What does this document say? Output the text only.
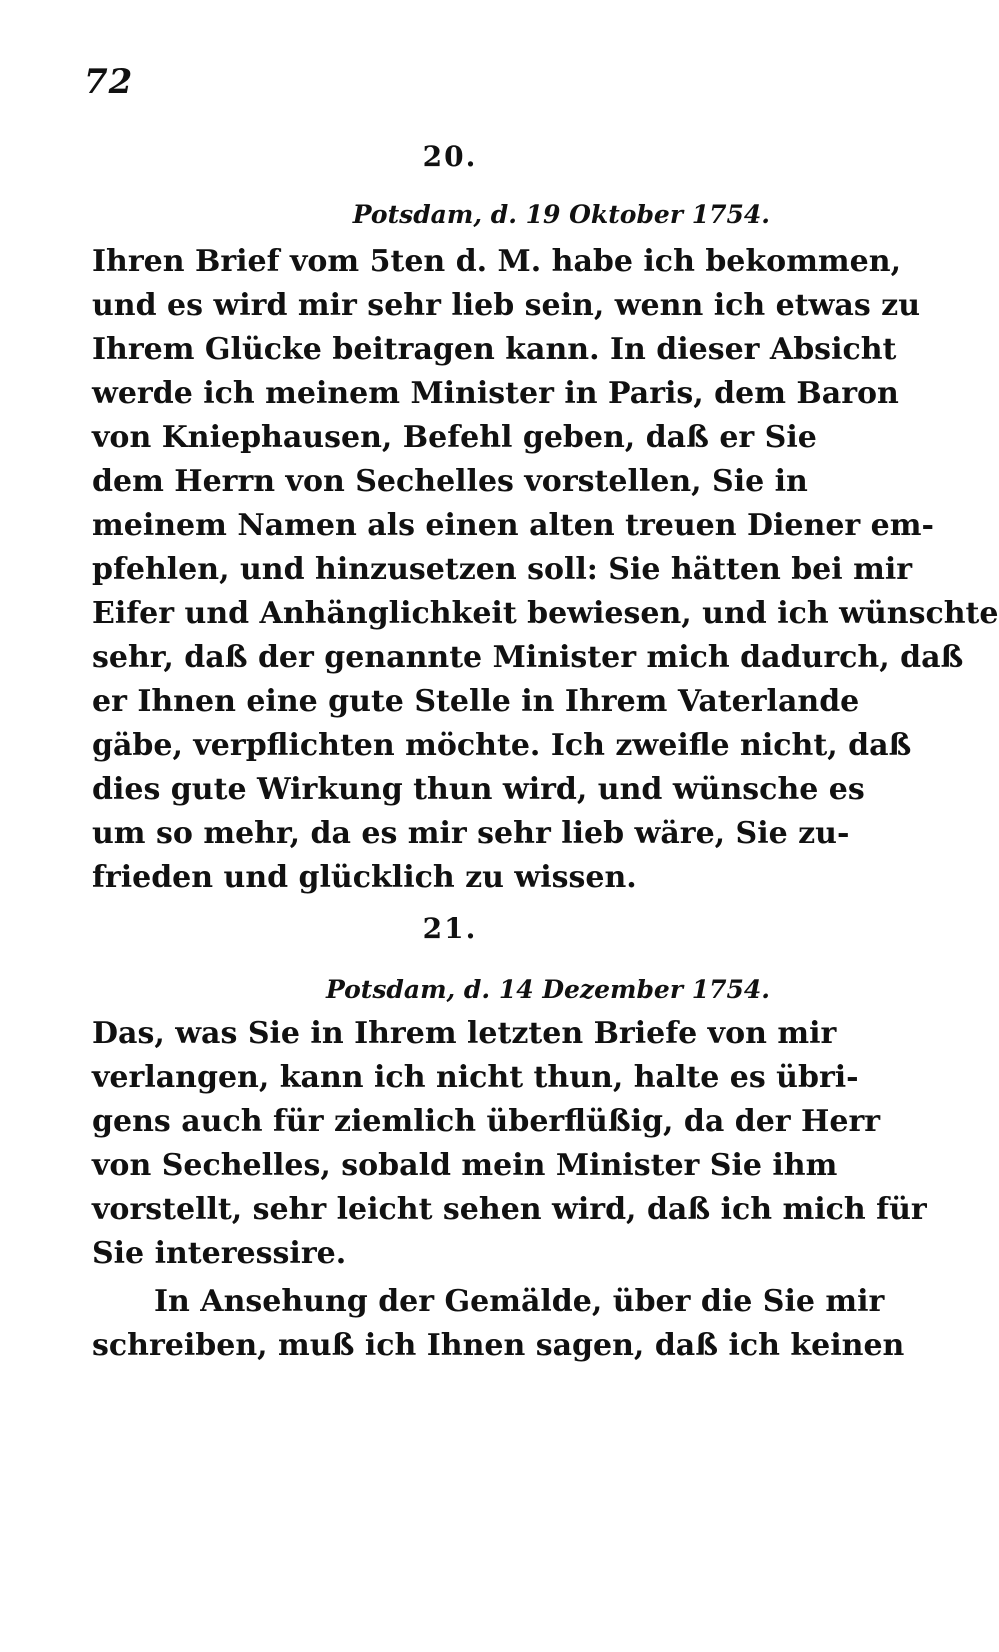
72
20.
Potsdam, d. 19 Oktober 1754.
Ihren Brief vom 5ten d. M. habe ich bekommen,
und es wird mir sehr lieb sein, wenn ich etwas zu
Ihrem Glücke beitragen kann. In dieser Absicht
werde ich meinem Minister in Paris, dem Baron
von Kniephausen, Befehl geben, daß er Sie
dem Herrn von Sechelles vorstellen, Sie in
meinem Namen als einen alten treuen Diener em-
pfehlen, und hinzusetzen soll: Sie hätten bei mir
Eifer und Anhänglichkeit bewiesen, und ich wünschte
sehr, daß der genannte Minister mich dadurch, daß
er Ihnen eine gute Stelle in Ihrem Vaterlande
gäbe, verpflichten möchte. Ich zweifle nicht, daß
dies gute Wirkung thun wird, und wünsche es
um so mehr, da es mir sehr lieb wäre, Sie zu-
frieden und glücklich zu wissen.
21.
Potsdam, d. 14 Dezember 1754.
Das, was Sie in Ihrem letzten Briefe von mir
verlangen, kann ich nicht thun, halte es übri-
gens auch für ziemlich überflüßig, da der Herr
von Sechelles, sobald mein Minister Sie ihm
vorstellt, sehr leicht sehen wird, daß ich mich für
Sie interessire.
In Ansehung der Gemälde, über die Sie mir
schreiben, muß ich Ihnen sagen, daß ich keinen
